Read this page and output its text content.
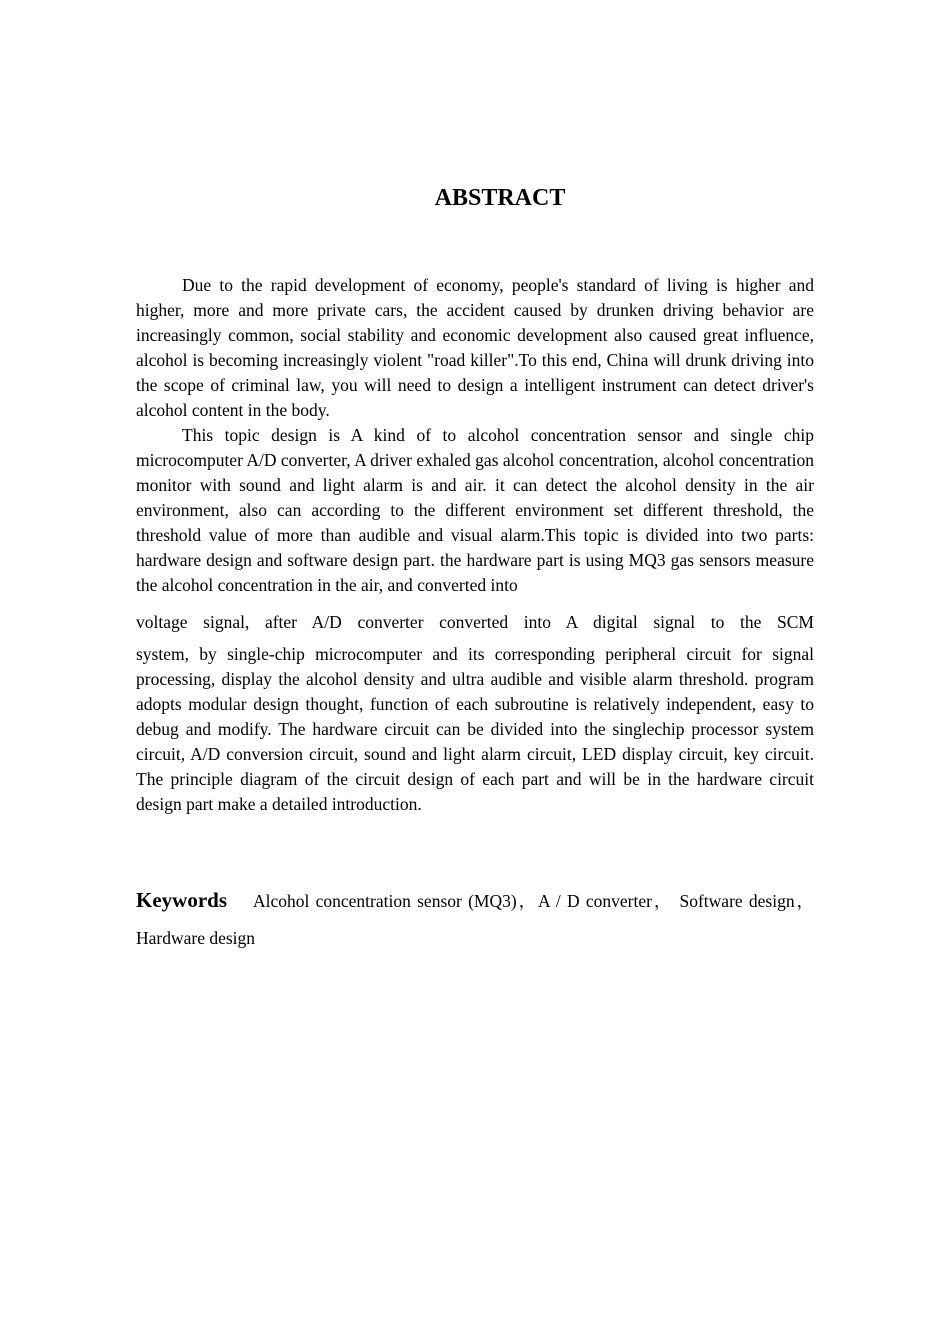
ABSTRACT

Due to the rapid development of economy, people's standard of living is higher and higher, more and more private cars, the accident caused by drunken driving behavior are increasingly common, social stability and economic development also caused great influence, alcohol is becoming increasingly violent "road killer".To this end, China will drunk driving into the scope of criminal law, you will need to design a intelligent instrument can detect driver's alcohol content in the body.

This topic design is A kind of to alcohol concentration sensor and single chip microcomputer A/D converter, A driver exhaled gas alcohol concentration, alcohol concentration monitor with sound and light alarm is and air. it can detect the alcohol density in the air environment, also can according to the different environment set different threshold, the threshold value of more than audible and visual alarm.This topic is divided into two parts: hardware design and software design part. the hardware part is using MQ3 gas sensors measure the alcohol concentration in the air, and converted into

voltage signal, after A/D converter converted into A digital signal to the SCM

system, by single-chip microcomputer and its corresponding peripheral circuit for signal processing, display the alcohol density and ultra audible and visible alarm threshold. program adopts modular design thought, function of each subroutine is relatively independent, easy to debug and modify. The hardware circuit can be divided into the singlechip processor system circuit, A/D conversion circuit, sound and light alarm circuit, LED display circuit, key circuit. The principle diagram of the circuit design of each part and will be in the hardware circuit design part make a detailed introduction.

Keywords Alcohol concentration sensor (MQ3)，A / D converter， Software design，Hardware design
